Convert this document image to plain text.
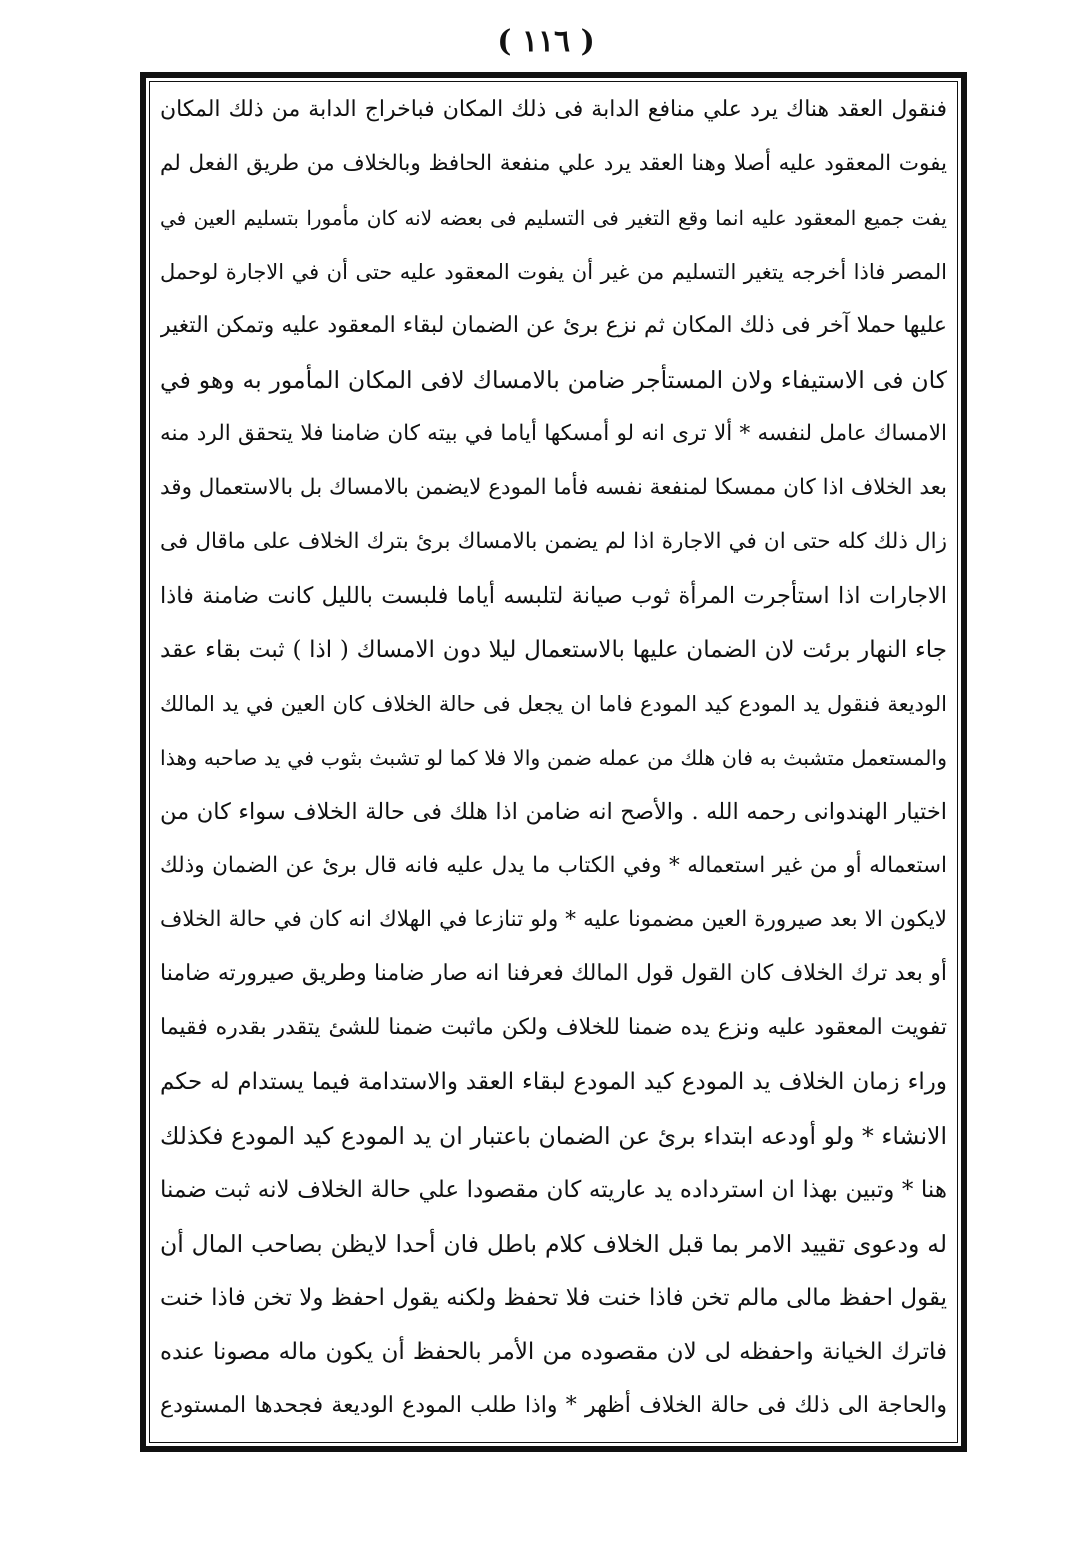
( ١١٦ )
فنقول العقد هناك يرد علي منافع الدابة فى ذلك المكان فباخراج الدابة من ذلك المكان
يفوت المعقود عليه أصلا وهنا العقد يرد علي منفعة الحافظ وبالخلاف من طريق الفعل لم
يفت جميع المعقود عليه انما وقع التغير فى التسليم فى بعضه لانه كان مأمورا بتسليم العين في
المصر فاذا أخرجه يتغير التسليم من غير أن يفوت المعقود عليه حتى أن في الاجارة لوحمل
عليها حملا آخر فى ذلك المكان ثم نزع برئ عن الضمان لبقاء المعقود عليه وتمكن التغير
كان فى الاستيفاء ولان المستأجر ضامن بالامساك لافى المكان المأمور به وهو في
الامساك عامل لنفسه * ألا ترى انه لو أمسكها أياما في بيته كان ضامنا فلا يتحقق الرد منه
بعد الخلاف اذا كان ممسكا لمنفعة نفسه فأما المودع لايضمن بالامساك بل بالاستعمال وقد
زال ذلك كله حتى ان في الاجارة اذا لم يضمن بالامساك برئ بترك الخلاف على ماقال فى
الاجارات اذا استأجرت المرأة ثوب صيانة لتلبسه أياما فلبست بالليل كانت ضامنة فاذا
جاء النهار برئت لان الضمان عليها بالاستعمال ليلا دون الامساك ( اذا ) ثبت بقاء عقد
الوديعة فنقول يد المودع كيد المودع فاما ان يجعل فى حالة الخلاف كان العين في يد المالك
والمستعمل متشبث به فان هلك من عمله ضمن والا فلا كما لو تشبث بثوب في يد صاحبه وهذا
اختيار الهندوانى رحمه الله . والأصح انه ضامن اذا هلك فى حالة الخلاف سواء كان من
استعماله أو من غير استعماله * وفي الكتاب ما يدل عليه فانه قال برئ عن الضمان وذلك
لايكون الا بعد صيرورة العين مضمونا عليه * ولو تنازعا في الهلاك انه كان في حالة الخلاف
أو بعد ترك الخلاف كان القول قول المالك فعرفنا انه صار ضامنا وطريق صيرورته ضامنا
تفويت المعقود عليه ونزع يده ضمنا للخلاف ولكن ماثبت ضمنا للشئ يتقدر بقدره فقيما
وراء زمان الخلاف يد المودع كيد المودع لبقاء العقد والاستدامة فيما يستدام له حكم
الانشاء * ولو أودعه ابتداء برئ عن الضمان باعتبار ان يد المودع كيد المودع فكذلك
هنا * وتبين بهذا ان استرداده يد عاريته كان مقصودا علي حالة الخلاف لانه ثبت ضمنا
له ودعوى تقييد الامر بما قبل الخلاف كلام باطل فان أحدا لايظن بصاحب المال أن
يقول احفظ مالى مالم تخن فاذا خنت فلا تحفظ ولكنه يقول احفظ ولا تخن فاذا خنت
فاترك الخيانة واحفظه لى لان مقصوده من الأمر بالحفظ أن يكون ماله مصونا عنده
والحاجة الى ذلك فى حالة الخلاف أظهر * واذا طلب المودع الوديعة فجحدها المستودع
